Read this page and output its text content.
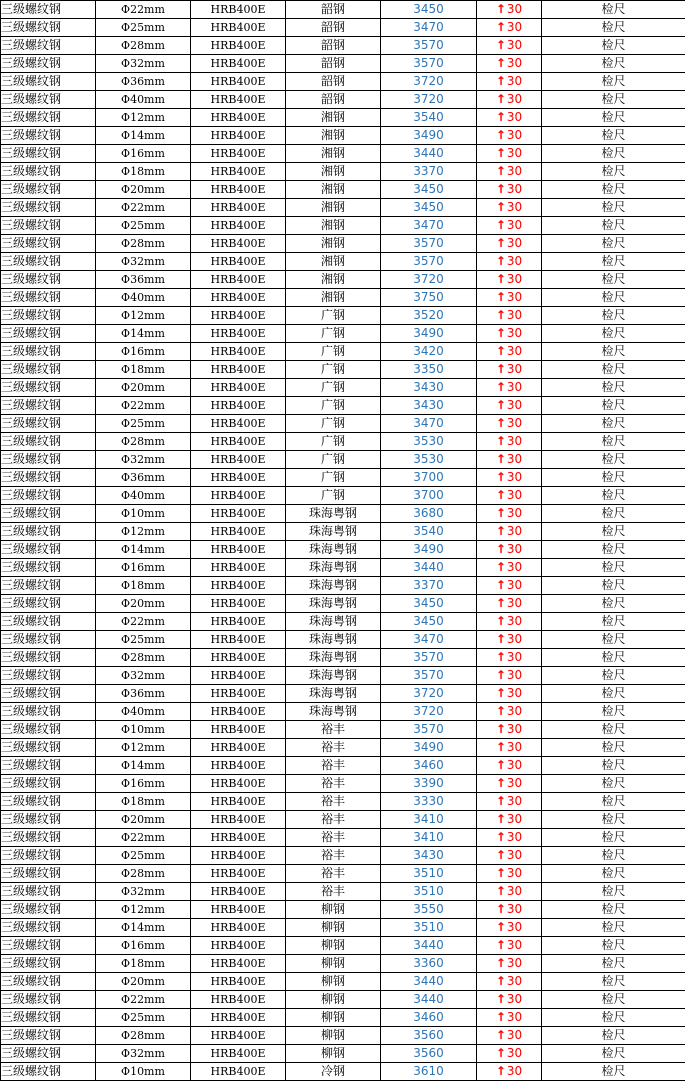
三级螺纹钢	Φ22mm	HRB400E	韶钢	3450	↑30	检尺
三级螺纹钢	Φ25mm	HRB400E	韶钢	3470	↑30	检尺
三级螺纹钢	Φ28mm	HRB400E	韶钢	3570	↑30	检尺
三级螺纹钢	Φ32mm	HRB400E	韶钢	3570	↑30	检尺
三级螺纹钢	Φ36mm	HRB400E	韶钢	3720	↑30	检尺
三级螺纹钢	Φ40mm	HRB400E	韶钢	3720	↑30	检尺
三级螺纹钢	Φ12mm	HRB400E	湘钢	3540	↑30	检尺
三级螺纹钢	Φ14mm	HRB400E	湘钢	3490	↑30	检尺
三级螺纹钢	Φ16mm	HRB400E	湘钢	3440	↑30	检尺
三级螺纹钢	Φ18mm	HRB400E	湘钢	3370	↑30	检尺
三级螺纹钢	Φ20mm	HRB400E	湘钢	3450	↑30	检尺
三级螺纹钢	Φ22mm	HRB400E	湘钢	3450	↑30	检尺
三级螺纹钢	Φ25mm	HRB400E	湘钢	3470	↑30	检尺
三级螺纹钢	Φ28mm	HRB400E	湘钢	3570	↑30	检尺
三级螺纹钢	Φ32mm	HRB400E	湘钢	3570	↑30	检尺
三级螺纹钢	Φ36mm	HRB400E	湘钢	3720	↑30	检尺
三级螺纹钢	Φ40mm	HRB400E	湘钢	3750	↑30	检尺
三级螺纹钢	Φ12mm	HRB400E	广钢	3520	↑30	检尺
三级螺纹钢	Φ14mm	HRB400E	广钢	3490	↑30	检尺
三级螺纹钢	Φ16mm	HRB400E	广钢	3420	↑30	检尺
三级螺纹钢	Φ18mm	HRB400E	广钢	3350	↑30	检尺
三级螺纹钢	Φ20mm	HRB400E	广钢	3430	↑30	检尺
三级螺纹钢	Φ22mm	HRB400E	广钢	3430	↑30	检尺
三级螺纹钢	Φ25mm	HRB400E	广钢	3470	↑30	检尺
三级螺纹钢	Φ28mm	HRB400E	广钢	3530	↑30	检尺
三级螺纹钢	Φ32mm	HRB400E	广钢	3530	↑30	检尺
三级螺纹钢	Φ36mm	HRB400E	广钢	3700	↑30	检尺
三级螺纹钢	Φ40mm	HRB400E	广钢	3700	↑30	检尺
三级螺纹钢	Φ10mm	HRB400E	珠海粤钢	3680	↑30	检尺
三级螺纹钢	Φ12mm	HRB400E	珠海粤钢	3540	↑30	检尺
三级螺纹钢	Φ14mm	HRB400E	珠海粤钢	3490	↑30	检尺
三级螺纹钢	Φ16mm	HRB400E	珠海粤钢	3440	↑30	检尺
三级螺纹钢	Φ18mm	HRB400E	珠海粤钢	3370	↑30	检尺
三级螺纹钢	Φ20mm	HRB400E	珠海粤钢	3450	↑30	检尺
三级螺纹钢	Φ22mm	HRB400E	珠海粤钢	3450	↑30	检尺
三级螺纹钢	Φ25mm	HRB400E	珠海粤钢	3470	↑30	检尺
三级螺纹钢	Φ28mm	HRB400E	珠海粤钢	3570	↑30	检尺
三级螺纹钢	Φ32mm	HRB400E	珠海粤钢	3570	↑30	检尺
三级螺纹钢	Φ36mm	HRB400E	珠海粤钢	3720	↑30	检尺
三级螺纹钢	Φ40mm	HRB400E	珠海粤钢	3720	↑30	检尺
三级螺纹钢	Φ10mm	HRB400E	裕丰	3570	↑30	检尺
三级螺纹钢	Φ12mm	HRB400E	裕丰	3490	↑30	检尺
三级螺纹钢	Φ14mm	HRB400E	裕丰	3460	↑30	检尺
三级螺纹钢	Φ16mm	HRB400E	裕丰	3390	↑30	检尺
三级螺纹钢	Φ18mm	HRB400E	裕丰	3330	↑30	检尺
三级螺纹钢	Φ20mm	HRB400E	裕丰	3410	↑30	检尺
三级螺纹钢	Φ22mm	HRB400E	裕丰	3410	↑30	检尺
三级螺纹钢	Φ25mm	HRB400E	裕丰	3430	↑30	检尺
三级螺纹钢	Φ28mm	HRB400E	裕丰	3510	↑30	检尺
三级螺纹钢	Φ32mm	HRB400E	裕丰	3510	↑30	检尺
三级螺纹钢	Φ12mm	HRB400E	柳钢	3550	↑30	检尺
三级螺纹钢	Φ14mm	HRB400E	柳钢	3510	↑30	检尺
三级螺纹钢	Φ16mm	HRB400E	柳钢	3440	↑30	检尺
三级螺纹钢	Φ18mm	HRB400E	柳钢	3360	↑30	检尺
三级螺纹钢	Φ20mm	HRB400E	柳钢	3440	↑30	检尺
三级螺纹钢	Φ22mm	HRB400E	柳钢	3440	↑30	检尺
三级螺纹钢	Φ25mm	HRB400E	柳钢	3460	↑30	检尺
三级螺纹钢	Φ28mm	HRB400E	柳钢	3560	↑30	检尺
三级螺纹钢	Φ32mm	HRB400E	柳钢	3560	↑30	检尺
三级螺纹钢	Φ10mm	HRB400E	冷钢	3610	↑30	检尺
